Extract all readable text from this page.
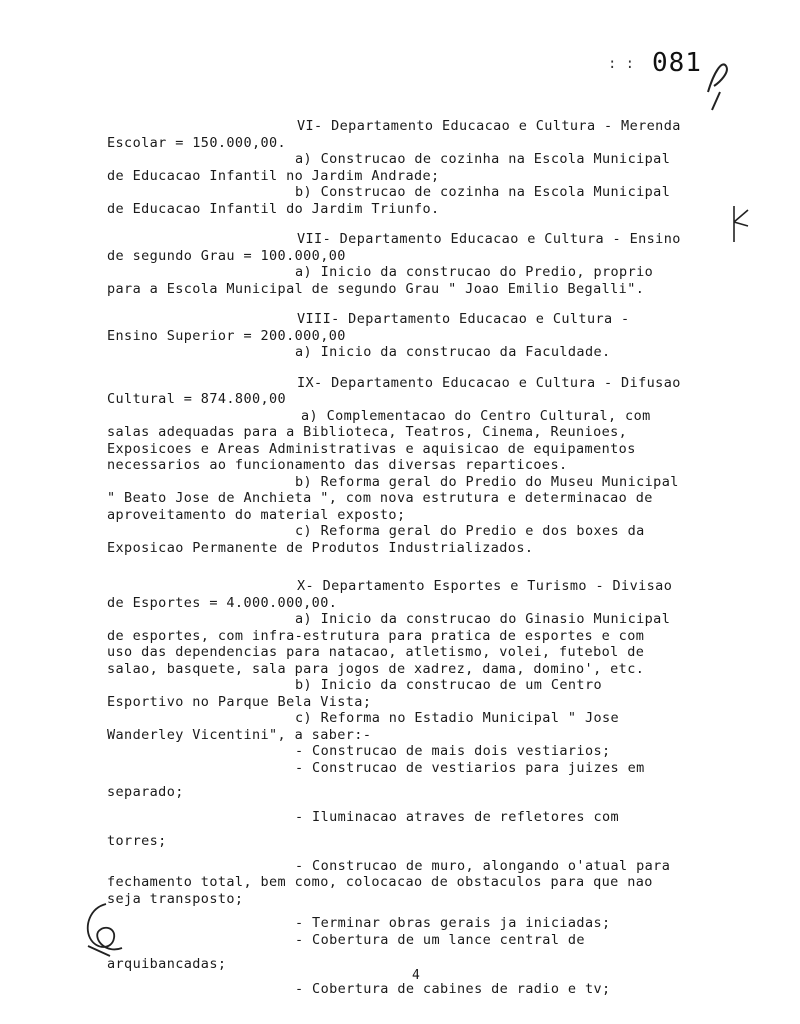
: : 081

VI- Departamento Educacao e Cultura - Merenda

Escolar = 150.000,00.

a) Construcao de cozinha na Escola Municipal

de Educacao Infantil no Jardim Andrade;

b) Construcao de cozinha na Escola Municipal

de Educacao Infantil do Jardim Triunfo.

VII- Departamento Educacao e Cultura - Ensino

de segundo Grau = 100.000,00

a) Inicio da construcao do Predio, proprio

para a Escola Municipal de segundo Grau " Joao Emilio Begalli".

VIII- Departamento Educacao e Cultura -

Ensino Superior = 200.000,00

a) Inicio da construcao da Faculdade.

IX- Departamento Educacao e Cultura - Difusao

Cultural = 874.800,00

a) Complementacao do Centro Cultural, com

salas adequadas para a Biblioteca, Teatros, Cinema, Reunioes,

Exposicoes e Areas Administrativas e aquisicao de equipamentos

necessarios ao funcionamento das diversas reparticoes.

b) Reforma geral do Predio do Museu Municipal

" Beato Jose de Anchieta ", com nova estrutura e determinacao de

aproveitamento do material exposto;

c) Reforma geral do Predio e dos boxes da

Exposicao Permanente de Produtos Industrializados.

X- Departamento Esportes e Turismo - Divisao

de Esportes = 4.000.000,00.

a) Inicio da construcao do Ginasio Municipal

de esportes, com infra-estrutura para pratica de esportes e com

uso das dependencias para natacao, atletismo, volei, futebol de

salao, basquete, sala para jogos de xadrez, dama, domino', etc.

b) Inicio da construcao de um Centro

Esportivo no Parque Bela Vista;

c) Reforma no Estadio Municipal " Jose

Wanderley Vicentini", a saber:-

- Construcao de mais dois vestiarios;

- Construcao de vestiarios para juizes em

separado;

- Iluminacao atraves de refletores com

torres;

- Construcao de muro, alongando o'atual para

fechamento total, bem como, colocacao de obstaculos para que nao

seja transposto;

- Terminar obras gerais ja iniciadas;

- Cobertura de um lance central de

arquibancadas;

- Cobertura de cabines de radio e tv;

4
